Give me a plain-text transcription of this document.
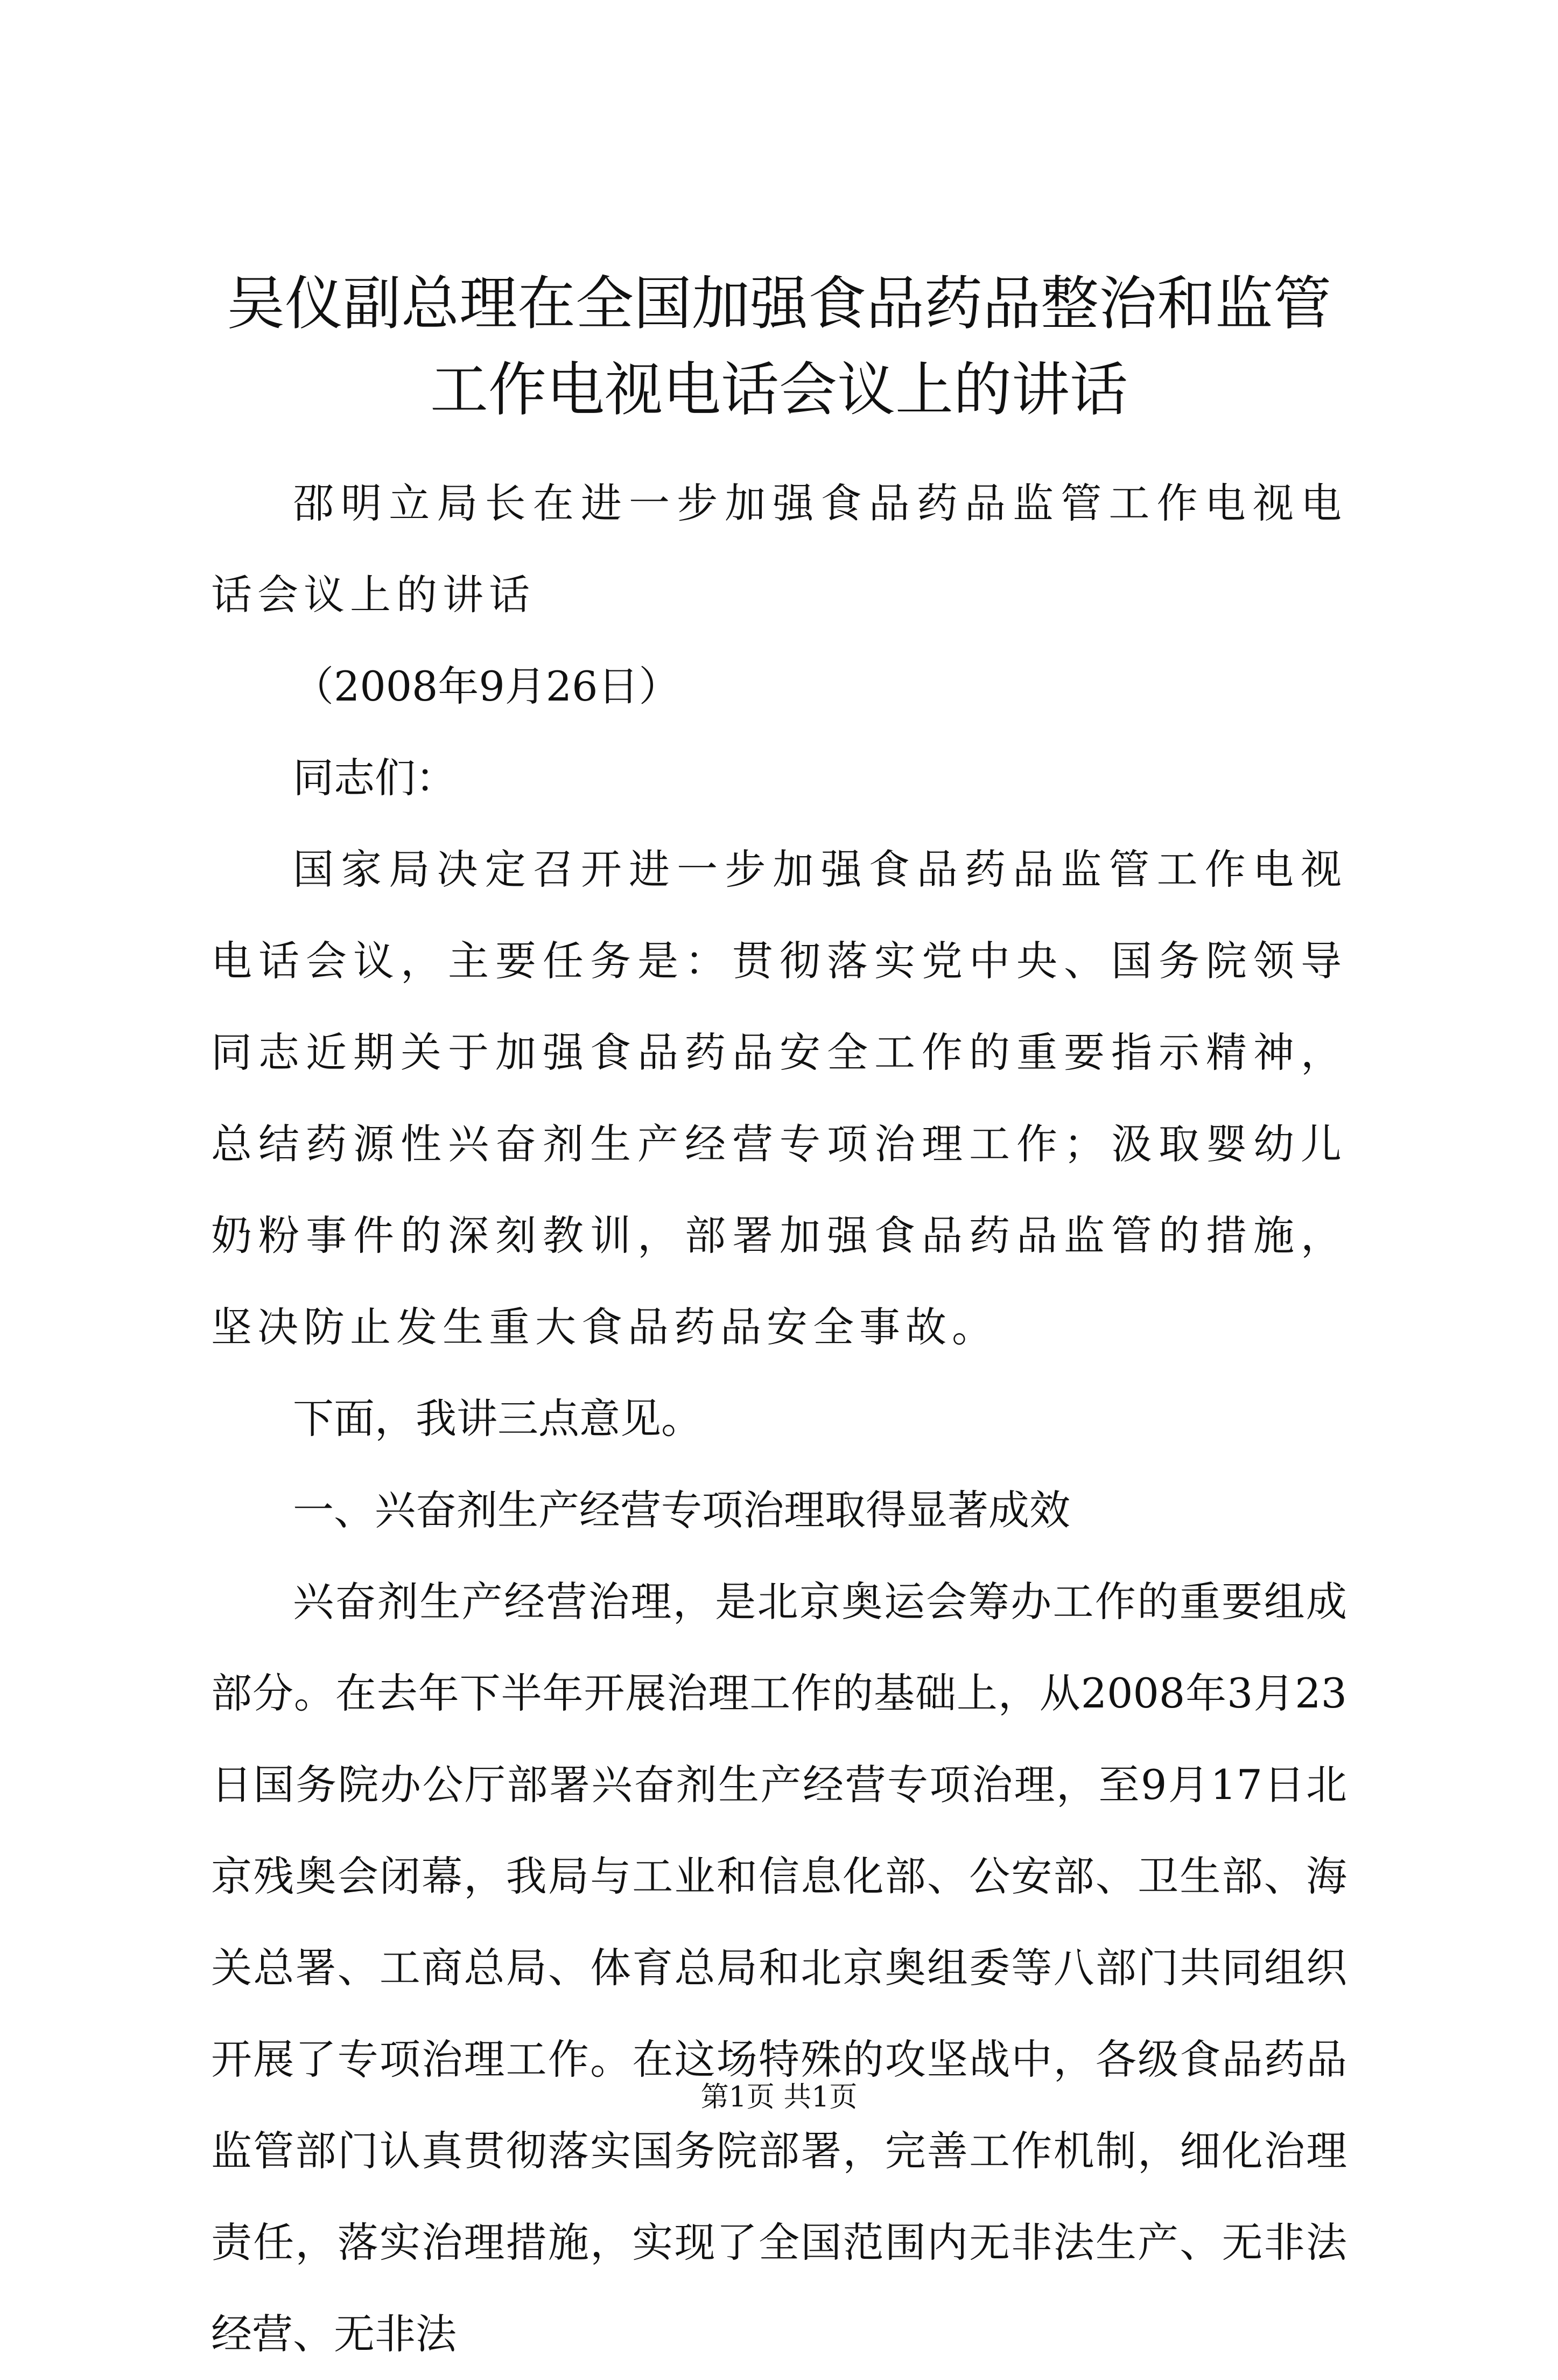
吴仪副总理在全国加强食品药品整治和监管工作电视电话会议上的讲话

邵明立局长在进一步加强食品药品监管工作电视电话会议上的讲话

（2008年9月26日）

同志们：

国家局决定召开进一步加强食品药品监管工作电视电话会议，主要任务是：贯彻落实党中央、国务院领导同志近期关于加强食品药品安全工作的重要指示精神，总结药源性兴奋剂生产经营专项治理工作；汲取婴幼儿奶粉事件的深刻教训，部署加强食品药品监管的措施，坚决防止发生重大食品药品安全事故。

下面，我讲三点意见。

一、兴奋剂生产经营专项治理取得显著成效

兴奋剂生产经营治理，是北京奥运会筹办工作的重要组成部分。在去年下半年开展治理工作的基础上，从2008年3月23日国务院办公厅部署兴奋剂生产经营专项治理，至9月17日北京残奥会闭幕，我局与工业和信息化部、公安部、卫生部、海关总署、工商总局、体育总局和北京奥组委等八部门共同组织开展了专项治理工作。在这场特殊的攻坚战中，各级食品药品监管部门认真贯彻落实国务院部署，完善工作机制，细化治理责任，落实治理措施，实现了全国范围内无非法生产、无非法经营、无非法

第1页 共1页
